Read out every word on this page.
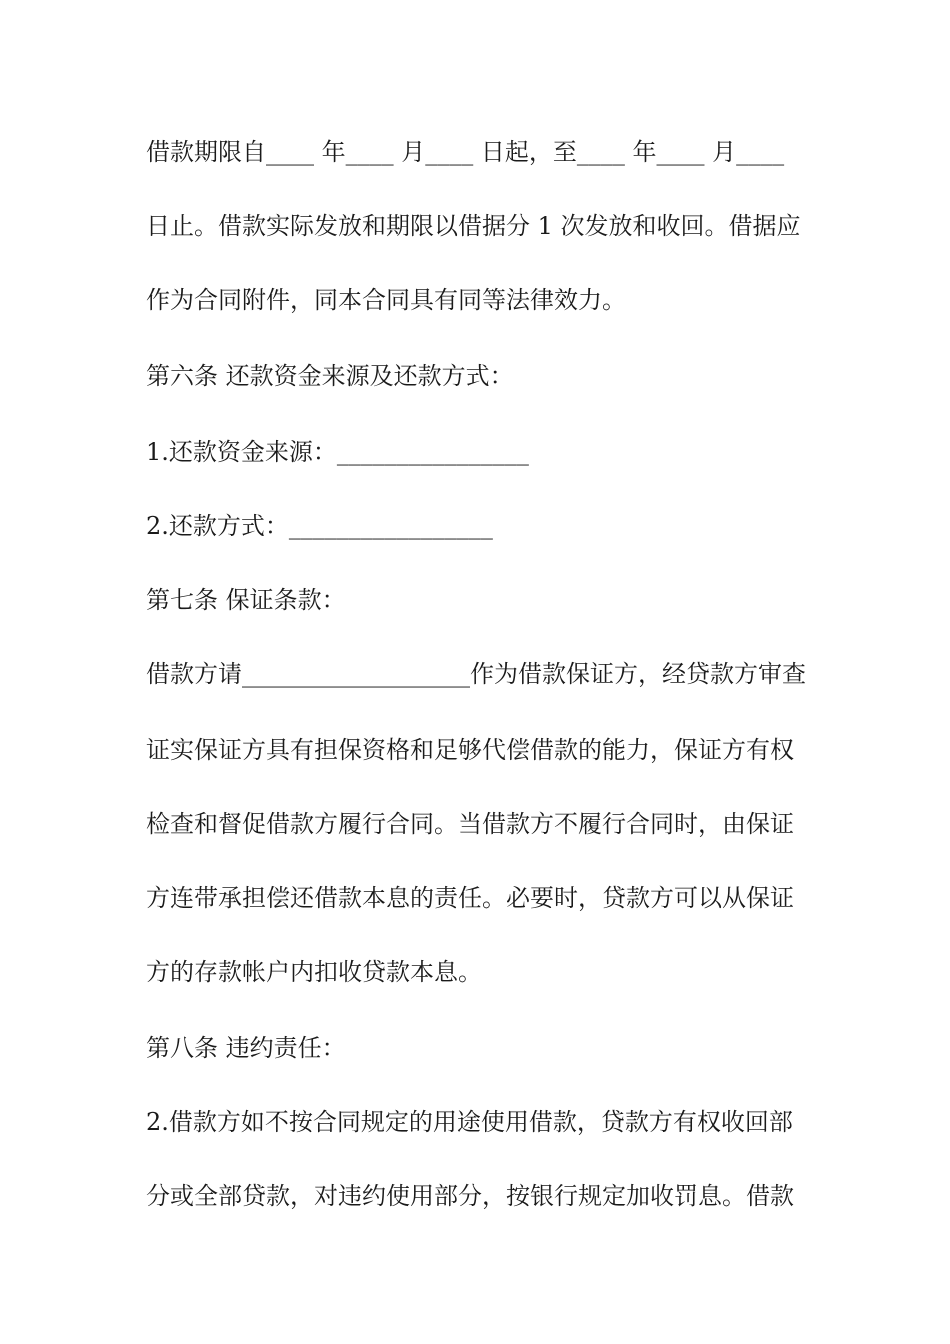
借款期限自____ 年____ 月____ 日起，至____ 年____ 月____
日止。借款实际发放和期限以借据分 1 次发放和收回。借据应
作为合同附件，同本合同具有同等法律效力。
第六条 还款资金来源及还款方式：
1.还款资金来源：________________
2.还款方式：_________________
第七条 保证条款：
借款方请___________________作为借款保证方，经贷款方审查
证实保证方具有担保资格和足够代偿借款的能力，保证方有权
检查和督促借款方履行合同。当借款方不履行合同时，由保证
方连带承担偿还借款本息的责任。必要时，贷款方可以从保证
方的存款帐户内扣收贷款本息。
第八条 违约责任：
2.借款方如不按合同规定的用途使用借款，贷款方有权收回部
分或全部贷款，对违约使用部分，按银行规定加收罚息。借款
